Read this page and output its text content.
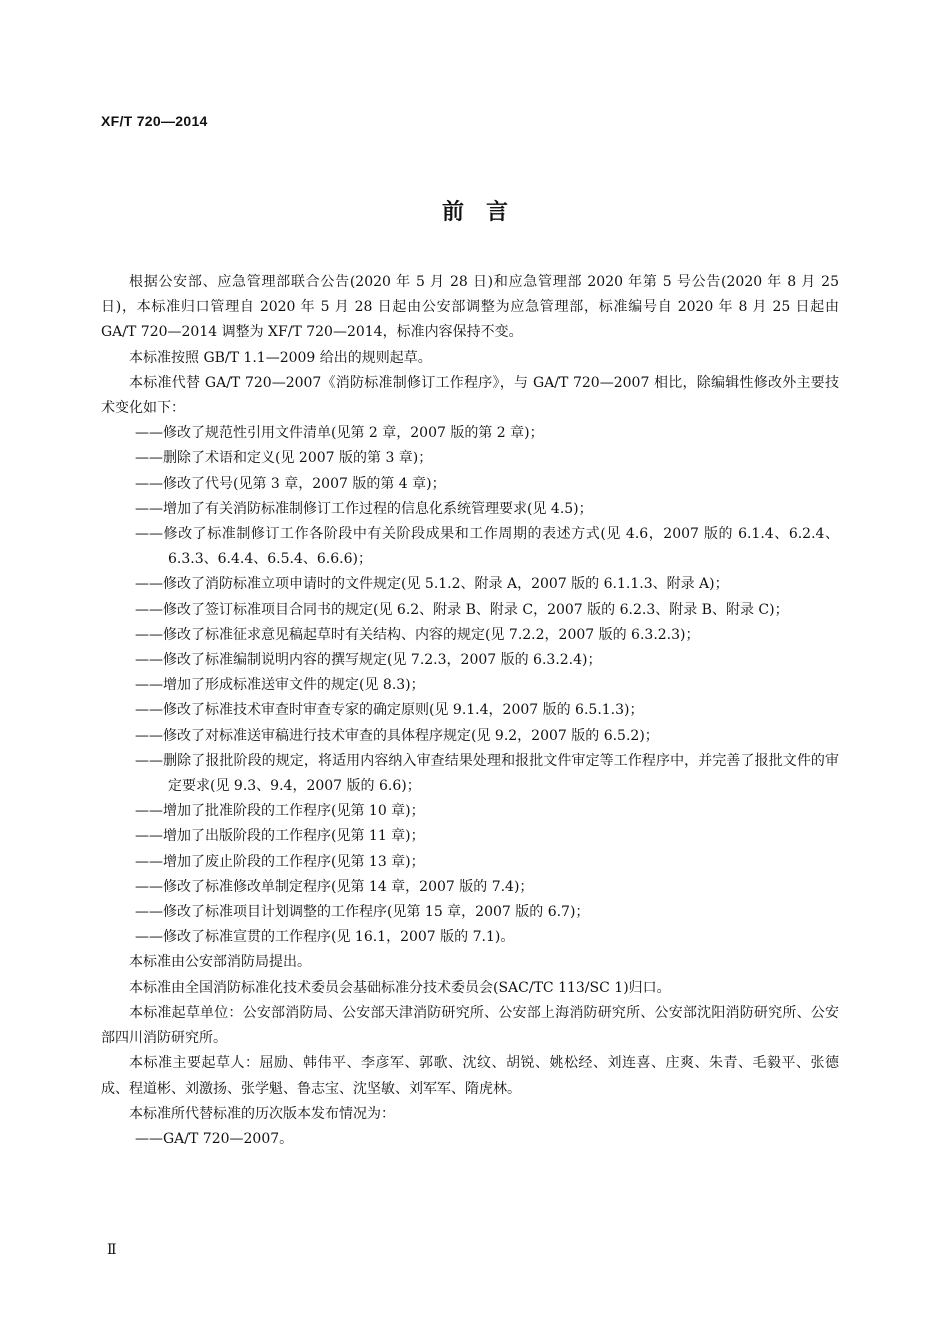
XF/T 720—2014
前　言

根据公安部、应急管理部联合公告(2020 年 5 月 28 日)和应急管理部 2020 年第 5 号公告(2020 年 8 月 25 日)，本标准归口管理自 2020 年 5 月 28 日起由公安部调整为应急管理部，标准编号自 2020 年 8 月 25 日起由 GA/T 720—2014 调整为 XF/T 720—2014，标准内容保持不变。

本标准按照 GB/T 1.1—2009 给出的规则起草。

本标准代替 GA/T 720—2007《消防标准制修订工作程序》，与 GA/T 720—2007 相比，除编辑性修改外主要技术变化如下：

——修改了规范性引用文件清单(见第 2 章，2007 版的第 2 章)；

——删除了术语和定义(见 2007 版的第 3 章)；

——修改了代号(见第 3 章，2007 版的第 4 章)；

——增加了有关消防标准制修订工作过程的信息化系统管理要求(见 4.5)；

——修改了标准制修订工作各阶段中有关阶段成果和工作周期的表述方式(见 4.6，2007 版的 6.1.4、6.2.4、6.3.3、6.4.4、6.5.4、6.6.6)；

——修改了消防标准立项申请时的文件规定(见 5.1.2、附录 A，2007 版的 6.1.1.3、附录 A)；

——修改了签订标准项目合同书的规定(见 6.2、附录 B、附录 C，2007 版的 6.2.3、附录 B、附录 C)；

——修改了标准征求意见稿起草时有关结构、内容的规定(见 7.2.2，2007 版的 6.3.2.3)；

——修改了标准编制说明内容的撰写规定(见 7.2.3，2007 版的 6.3.2.4)；

——增加了形成标准送审文件的规定(见 8.3)；

——修改了标准技术审查时审查专家的确定原则(见 9.1.4，2007 版的 6.5.1.3)；

——修改了对标准送审稿进行技术审查的具体程序规定(见 9.2，2007 版的 6.5.2)；

——删除了报批阶段的规定，将适用内容纳入审查结果处理和报批文件审定等工作程序中，并完善了报批文件的审定要求(见 9.3、9.4，2007 版的 6.6)；

——增加了批准阶段的工作程序(见第 10 章)；

——增加了出版阶段的工作程序(见第 11 章)；

——增加了废止阶段的工作程序(见第 13 章)；

——修改了标准修改单制定程序(见第 14 章，2007 版的 7.4)；

——修改了标准项目计划调整的工作程序(见第 15 章，2007 版的 6.7)；

——修改了标准宣贯的工作程序(见 16.1，2007 版的 7.1)。

本标准由公安部消防局提出。

本标准由全国消防标准化技术委员会基础标准分技术委员会(SAC/TC 113/SC 1)归口。

本标准起草单位：公安部消防局、公安部天津消防研究所、公安部上海消防研究所、公安部沈阳消防研究所、公安部四川消防研究所。

本标准主要起草人：屈励、韩伟平、李彦军、郭歌、沈纹、胡锐、姚松经、刘连喜、庄爽、朱青、毛毅平、张德成、程道彬、刘激扬、张学魁、鲁志宝、沈坚敏、刘军军、隋虎林。

本标准所代替标准的历次版本发布情况为：

——GA/T 720—2007。

Ⅱ
